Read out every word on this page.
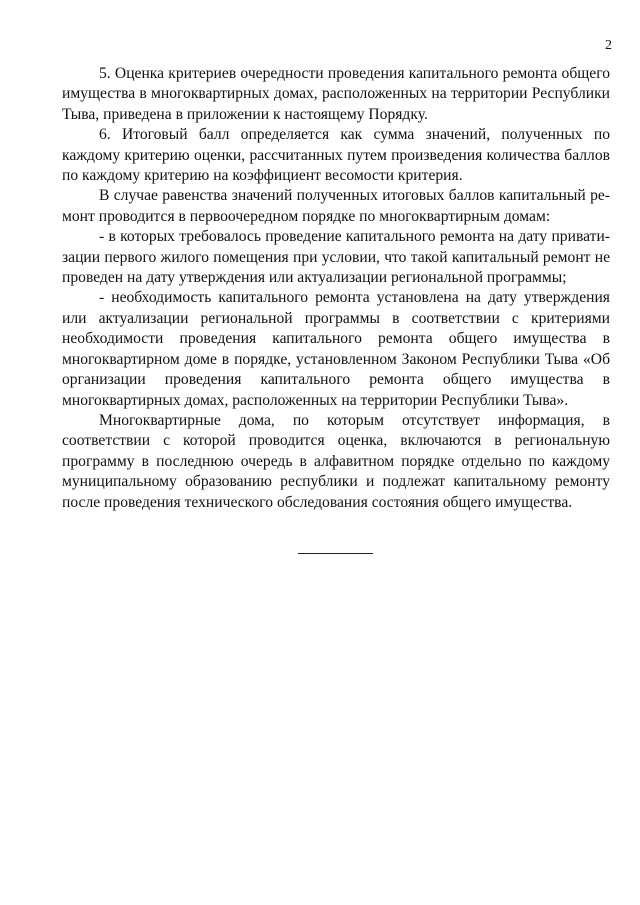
2

5. Оценка критериев очередности проведения капитального ремонта общего имущества в многоквартирных домах, расположенных на территории Республики Тыва, приведена в приложении к настоящему Порядку.

6. Итоговый балл определяется как сумма значений, полученных по каждому критерию оценки, рассчитанных путем произведения количества баллов по каждому критерию на коэффициент весомости критерия.

В случае равенства значений полученных итоговых баллов капитальный ремонт проводится в первоочередном порядке по многоквартирным домам:

- в которых требовалось проведение капитального ремонта на дату приватизации первого жилого помещения при условии, что такой капитальный ремонт не проведен на дату утверждения или актуализации региональной программы;

- необходимость капитального ремонта установлена на дату утверждения или актуализации региональной программы в соответствии с критериями необходимости проведения капитального ремонта общего имущества в многоквартирном доме в порядке, установленном Законом Республики Тыва «Об организации проведения капитального ремонта общего имущества в многоквартирных домах, расположенных на территории Республики Тыва».

Многоквартирные дома, по которым отсутствует информация, в соответствии с которой проводится оценка, включаются в региональную программу в последнюю очередь в алфавитном порядке отдельно по каждому муниципальному образованию республики и подлежат капитальному ремонту после проведения технического обследования состояния общего имущества.
